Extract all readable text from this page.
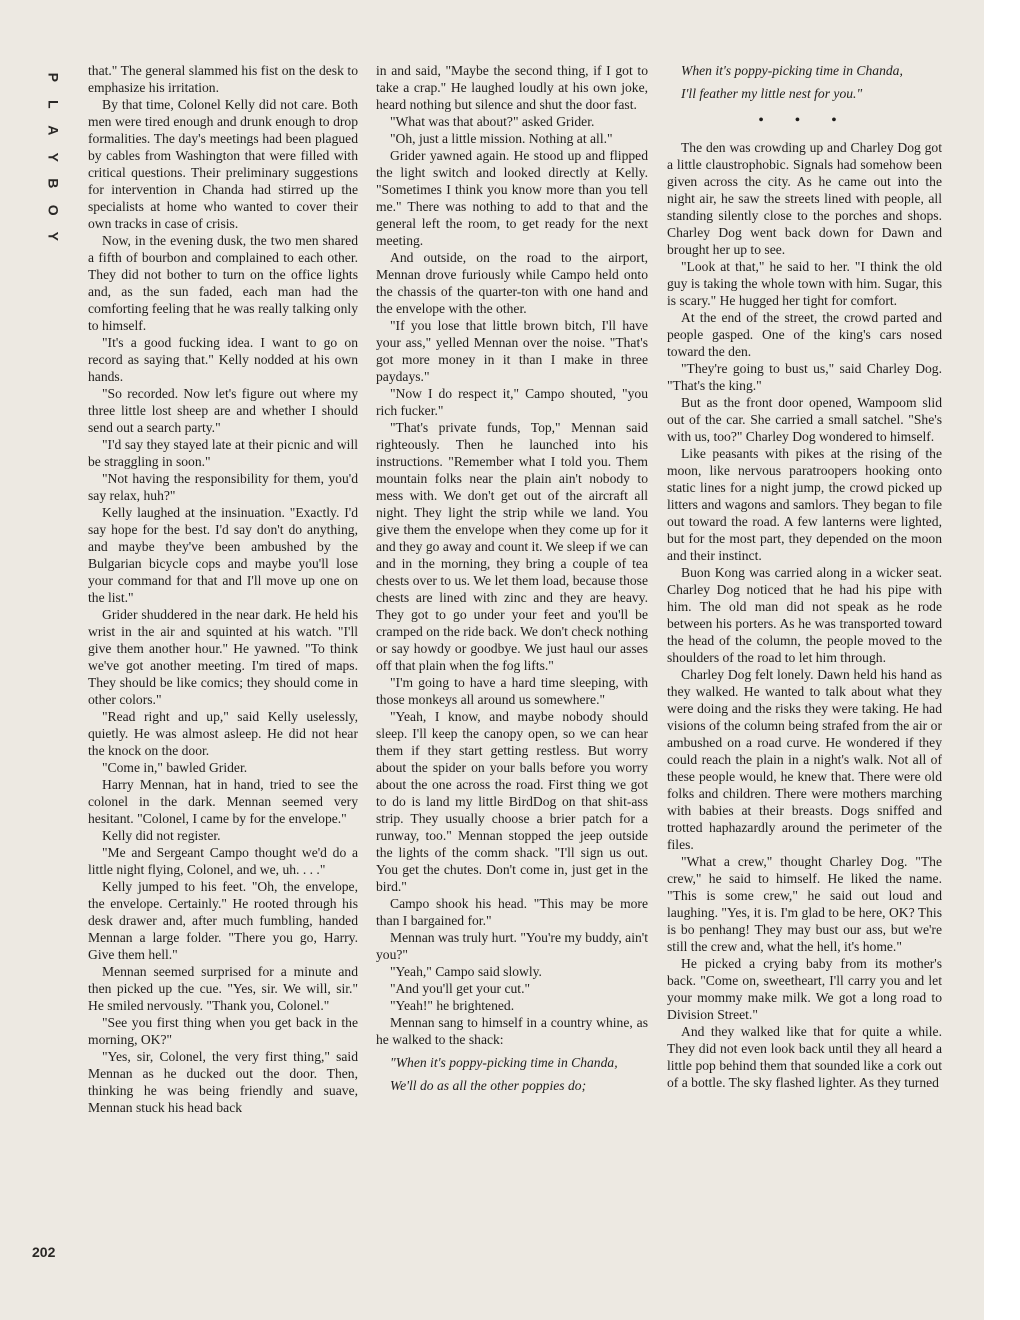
P
L
A
Y
B
O
Y
202

that." The general slammed his fist on the desk to emphasize his irritation.

By that time, Colonel Kelly did not care. Both men were tired enough and drunk enough to drop formalities. The day's meetings had been plagued by cables from Washington that were filled with critical questions. Their preliminary suggestions for intervention in Chanda had stirred up the specialists at home who wanted to cover their own tracks in case of crisis.

Now, in the evening dusk, the two men shared a fifth of bourbon and complained to each other. They did not bother to turn on the office lights and, as the sun faded, each man had the comforting feeling that he was really talking only to himself.

"It's a good fucking idea. I want to go on record as saying that." Kelly nodded at his own hands.

"So recorded. Now let's figure out where my three little lost sheep are and whether I should send out a search party."

"I'd say they stayed late at their picnic and will be straggling in soon."

"Not having the responsibility for them, you'd say relax, huh?"

Kelly laughed at the insinuation. "Exactly. I'd say hope for the best. I'd say don't do anything, and maybe they've been ambushed by the Bulgarian bicycle cops and maybe you'll lose your command for that and I'll move up one on the list."

Grider shuddered in the near dark. He held his wrist in the air and squinted at his watch. "I'll give them another hour." He yawned. "To think we've got another meeting. I'm tired of maps. They should be like comics; they should come in other colors."

"Read right and up," said Kelly uselessly, quietly. He was almost asleep. He did not hear the knock on the door.

"Come in," bawled Grider.

Harry Mennan, hat in hand, tried to see the colonel in the dark. Mennan seemed very hesitant. "Colonel, I came by for the envelope."

Kelly did not register.

"Me and Sergeant Campo thought we'd do a little night flying, Colonel, and we, uh. . . ."

Kelly jumped to his feet. "Oh, the envelope, the envelope. Certainly." He rooted through his desk drawer and, after much fumbling, handed Mennan a large folder. "There you go, Harry. Give them hell."

Mennan seemed surprised for a minute and then picked up the cue. "Yes, sir. We will, sir." He smiled nervously. "Thank you, Colonel."

"See you first thing when you get back in the morning, OK?"

"Yes, sir, Colonel, the very first thing," said Mennan as he ducked out the door. Then, thinking he was being friendly and suave, Mennan stuck his head back

in and said, "Maybe the second thing, if I got to take a crap." He laughed loudly at his own joke, heard nothing but silence and shut the door fast.

"What was that about?" asked Grider.

"Oh, just a little mission. Nothing at all."

Grider yawned again. He stood up and flipped the light switch and looked directly at Kelly. "Sometimes I think you know more than you tell me." There was nothing to add to that and the general left the room, to get ready for the next meeting.

And outside, on the road to the airport, Mennan drove furiously while Campo held onto the chassis of the quarter-ton with one hand and the envelope with the other.

"If you lose that little brown bitch, I'll have your ass," yelled Mennan over the noise. "That's got more money in it than I make in three paydays."

"Now I do respect it," Campo shouted, "you rich fucker."

"That's private funds, Top," Mennan said righteously. Then he launched into his instructions. "Remember what I told you. Them mountain folks near the plain ain't nobody to mess with. We don't get out of the aircraft all night. They light the strip while we land. You give them the envelope when they come up for it and they go away and count it. We sleep if we can and in the morning, they bring a couple of tea chests over to us. We let them load, because those chests are lined with zinc and they are heavy. They got to go under your feet and you'll be cramped on the ride back. We don't check nothing or say howdy or goodbye. We just haul our asses off that plain when the fog lifts."

"I'm going to have a hard time sleeping, with those monkeys all around us somewhere."

"Yeah, I know, and maybe nobody should sleep. I'll keep the canopy open, so we can hear them if they start getting restless. But worry about the spider on your balls before you worry about the one across the road. First thing we got to do is land my little BirdDog on that shit-ass strip. They usually choose a brier patch for a runway, too." Mennan stopped the jeep outside the lights of the comm shack. "I'll sign us out. You get the chutes. Don't come in, just get in the bird."

Campo shook his head. "This may be more than I bargained for."

Mennan was truly hurt. "You're my buddy, ain't you?"

"Yeah," Campo said slowly.

"And you'll get your cut."

"Yeah!" he brightened.

Mennan sang to himself in a country whine, as he walked to the shack:

"When it's poppy-picking time in Chanda,

We'll do as all the other poppies do;

When it's poppy-picking time in Chanda,

I'll feather my little nest for you."

• • •

The den was crowding up and Charley Dog got a little claustrophobic. Signals had somehow been given across the city. As he came out into the night air, he saw the streets lined with people, all standing silently close to the porches and shops. Charley Dog went back down for Dawn and brought her up to see.

"Look at that," he said to her. "I think the old guy is taking the whole town with him. Sugar, this is scary." He hugged her tight for comfort.

At the end of the street, the crowd parted and people gasped. One of the king's cars nosed toward the den.

"They're going to bust us," said Charley Dog. "That's the king."

But as the front door opened, Wampoom slid out of the car. She carried a small satchel. "She's with us, too?" Charley Dog wondered to himself.

Like peasants with pikes at the rising of the moon, like nervous paratroopers hooking onto static lines for a night jump, the crowd picked up litters and wagons and samlors. They began to file out toward the road. A few lanterns were lighted, but for the most part, they depended on the moon and their instinct.

Buon Kong was carried along in a wicker seat. Charley Dog noticed that he had his pipe with him. The old man did not speak as he rode between his porters. As he was transported toward the head of the column, the people moved to the shoulders of the road to let him through.

Charley Dog felt lonely. Dawn held his hand as they walked. He wanted to talk about what they were doing and the risks they were taking. He had visions of the column being strafed from the air or ambushed on a road curve. He wondered if they could reach the plain in a night's walk. Not all of these people would, he knew that. There were old folks and children. There were mothers marching with babies at their breasts. Dogs sniffed and trotted haphazardly around the perimeter of the files.

"What a crew," thought Charley Dog. "The crew," he said to himself. He liked the name. "This is some crew," he said out loud and laughing. "Yes, it is. I'm glad to be here, OK? This is bo penhang! They may bust our ass, but we're still the crew and, what the hell, it's home."

He picked a crying baby from its mother's back. "Come on, sweetheart, I'll carry you and let your mommy make milk. We got a long road to Division Street."

And they walked like that for quite a while. They did not even look back until they all heard a little pop behind them that sounded like a cork out of a bottle. The sky flashed lighter. As they turned
